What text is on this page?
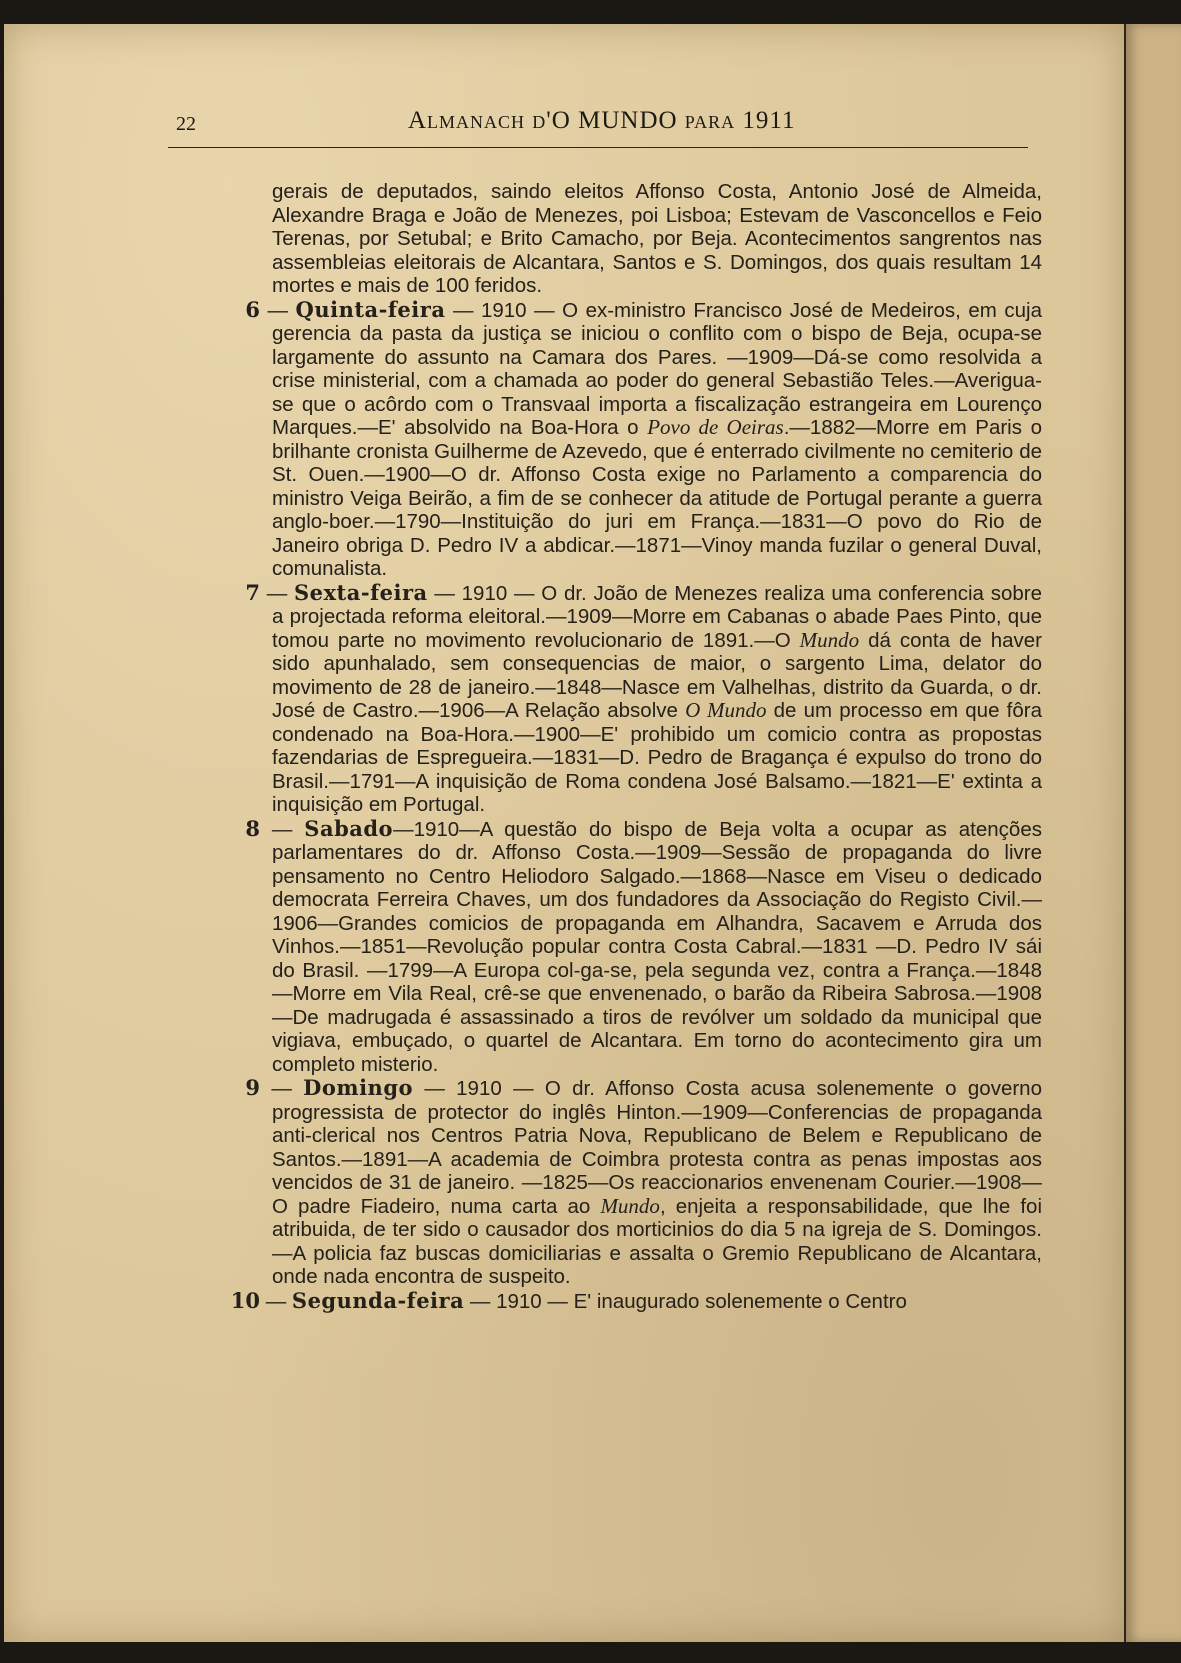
22	Almanach d'O MUNDO para 1911

gerais de deputados, saindo eleitos Affonso Costa, Antonio José de Almeida, Alexandre Braga e João de Menezes, poi Lisboa; Estevam de Vasconcellos e Feio Terenas, por Setubal; e Brito Camacho, por Beja. Acontecimentos sangrentos nas assembleias eleitorais de Alcantara, Santos e S. Domingos, dos quais resultam 14 mortes e mais de 100 feridos.

6 — Quinta-feira — 1910 — O ex-ministro Francisco José de Medeiros, em cuja gerencia da pasta da justiça se iniciou o conflito com o bispo de Beja, ocupa-se largamente do assunto na Camara dos Pares. —1909—Dá-se como resolvida a crise ministerial, com a chamada ao poder do general Sebastião Teles.—Averigua-se que o acôrdo com o Transvaal importa a fiscalização estrangeira em Lourenço Marques.—E' absolvido na Boa-Hora o Povo de Oeiras.—1882—Morre em Paris o brilhante cronista Guilherme de Azevedo, que é enterrado civilmente no cemiterio de St. Ouen.—1900—O dr. Affonso Costa exige no Parlamento a comparencia do ministro Veiga Beirão, a fim de se conhecer da atitude de Portugal perante a guerra anglo-boer.—1790—Instituição do juri em França.—1831—O povo do Rio de Janeiro obriga D. Pedro IV a abdicar.—1871—Vinoy manda fuzilar o general Duval, comunalista.

7 — Sexta-feira — 1910 — O dr. João de Menezes realiza uma conferencia sobre a projectada reforma eleitoral.—1909—Morre em Cabanas o abade Paes Pinto, que tomou parte no movimento revolucionario de 1891.—O Mundo dá conta de haver sido apunhalado, sem consequencias de maior, o sargento Lima, delator do movimento de 28 de janeiro.—1848—Nasce em Valhelhas, distrito da Guarda, o dr. José de Castro.—1906—A Relação absolve O Mundo de um processo em que fôra condenado na Boa-Hora.—1900—E' prohibido um comicio contra as propostas fazendarias de Espregueira.—1831—D. Pedro de Bragança é expulso do trono do Brasil.—1791—A inquisição de Roma condena José Balsamo.—1821—E' extinta a inquisição em Portugal.

8 — Sabado—1910—A questão do bispo de Beja volta a ocupar as atenções parlamentares do dr. Affonso Costa.—1909—Sessão de propaganda do livre pensamento no Centro Heliodoro Salgado.—1868—Nasce em Viseu o dedicado democrata Ferreira Chaves, um dos fundadores da Associação do Registo Civil.—1906—Grandes comicios de propaganda em Alhandra, Sacavem e Arruda dos Vinhos.—1851—Revolução popular contra Costa Cabral.—1831 —D. Pedro IV sái do Brasil. —1799—A Europa col-ga-se, pela segunda vez, contra a França.—1848—Morre em Vila Real, crê-se que envenenado, o barão da Ribeira Sabrosa.—1908—De madrugada é assassinado a tiros de revólver um soldado da municipal que vigiava, embuçado, o quartel de Alcantara. Em torno do acontecimento gira um completo misterio.

9 — Domingo — 1910 — O dr. Affonso Costa acusa solenemente o governo progressista de protector do inglês Hinton.—1909—Conferencias de propaganda anti-clerical nos Centros Patria Nova, Republicano de Belem e Republicano de Santos.—1891—A academia de Coimbra protesta contra as penas impostas aos vencidos de 31 de janeiro. —1825—Os reaccionarios envenenam Courier.—1908—O padre Fiadeiro, numa carta ao Mundo, enjeita a responsabilidade, que lhe foi atribuida, de ter sido o causador dos morticinios do dia 5 na igreja de S. Domingos.—A policia faz buscas domiciliarias e assalta o Gremio Republicano de Alcantara, onde nada encontra de suspeito.

10 — Segunda-feira — 1910 — E' inaugurado solenemente o Centro
